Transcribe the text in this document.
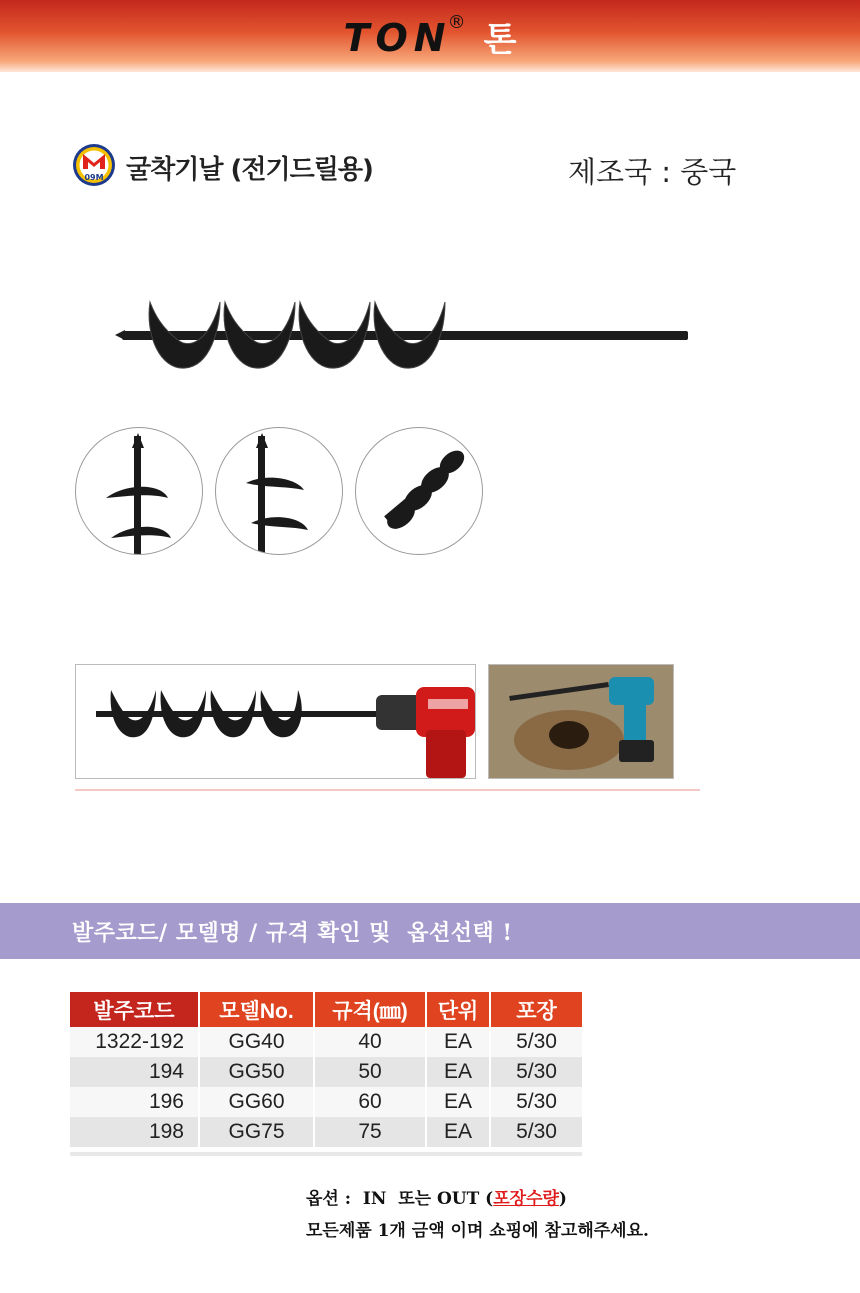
TON® 톤
09M 굴착기날 (전기드릴용)	제조국 : 중국
발주코드/ 모델명 / 규격 확인 및  옵션선택 !
발주코드	모델No.	규격(㎜)	단위	포장
1322-192	GG40	40	EA	5/30
194	GG50	50	EA	5/30
196	GG60	60	EA	5/30
198	GG75	75	EA	5/30
옵션 :  IN  또는 OUT (포장수량)
모든제품 1개 금액 이며 쇼핑에 참고해주세요.
